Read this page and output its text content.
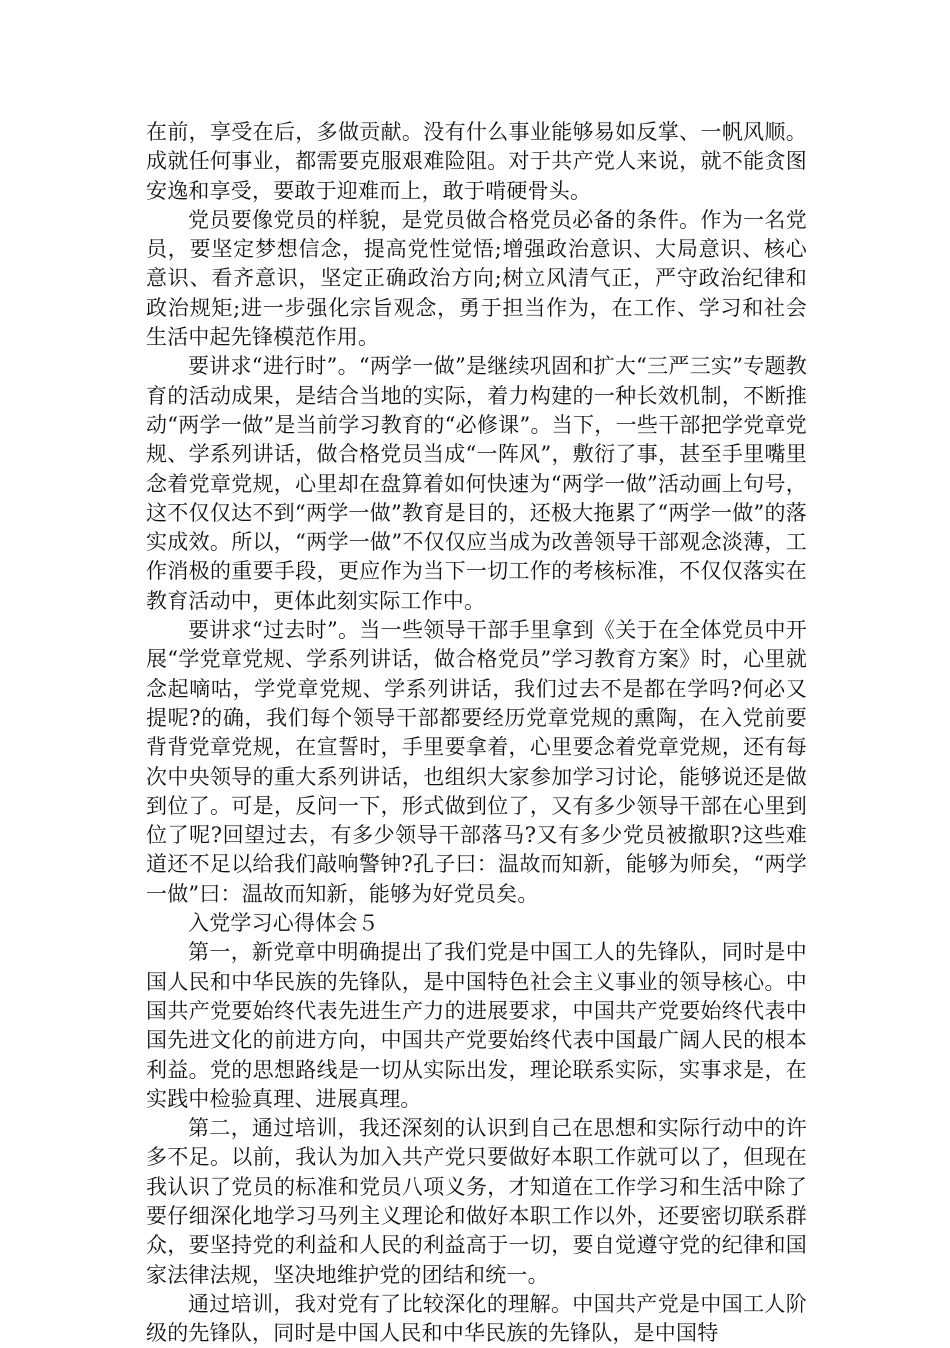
在前，享受在后，多做贡献。没有什么事业能够易如反掌、一帆风顺。成就任何事业，都需要克服艰难险阻。对于共产党人来说，就不能贪图安逸和享受，要敢于迎难而上，敢于啃硬骨头。

党员要像党员的样貌，是党员做合格党员必备的条件。作为一名党员，要坚定梦想信念，提高党性觉悟;增强政治意识、大局意识、核心意识、看齐意识，坚定正确政治方向;树立风清气正，严守政治纪律和政治规矩;进一步强化宗旨观念，勇于担当作为，在工作、学习和社会生活中起先锋模范作用。

要讲求“进行时”。“两学一做”是继续巩固和扩大“三严三实”专题教育的活动成果，是结合当地的实际，着力构建的一种长效机制，不断推动“两学一做”是当前学习教育的“必修课”。当下，一些干部把学党章党规、学系列讲话，做合格党员当成“一阵风”，敷衍了事，甚至手里嘴里念着党章党规，心里却在盘算着如何快速为“两学一做”活动画上句号，这不仅仅达不到“两学一做”教育是目的，还极大拖累了“两学一做”的落实成效。所以，“两学一做”不仅仅应当成为改善领导干部观念淡薄，工作消极的重要手段，更应作为当下一切工作的考核标准，不仅仅落实在教育活动中，更体此刻实际工作中。

要讲求“过去时”。当一些领导干部手里拿到《关于在全体党员中开展“学党章党规、学系列讲话，做合格党员”学习教育方案》时，心里就念起嘀咕，学党章党规、学系列讲话，我们过去不是都在学吗?何必又提呢?的确，我们每个领导干部都要经历党章党规的熏陶，在入党前要背背党章党规，在宣誓时，手里要拿着，心里要念着党章党规，还有每次中央领导的重大系列讲话，也组织大家参加学习讨论，能够说还是做到位了。可是，反问一下，形式做到位了，又有多少领导干部在心里到位了呢?回望过去，有多少领导干部落马?又有多少党员被撤职?这些难道还不足以给我们敲响警钟?孔子曰：温故而知新，能够为师矣，“两学一做”曰：温故而知新，能够为好党员矣。

入党学习心得体会５

第一，新党章中明确提出了我们党是中国工人的先锋队，同时是中国人民和中华民族的先锋队，是中国特色社会主义事业的领导核心。中国共产党要始终代表先进生产力的进展要求，中国共产党要始终代表中国先进文化的前进方向，中国共产党要始终代表中国最广阔人民的根本利益。党的思想路线是一切从实际出发，理论联系实际，实事求是，在实践中检验真理、进展真理。

第二，通过培训，我还深刻的认识到自己在思想和实际行动中的许多不足。以前，我认为加入共产党只要做好本职工作就可以了，但现在我认识了党员的标准和党员八项义务，才知道在工作学习和生活中除了要仔细深化地学习马列主义理论和做好本职工作以外，还要密切联系群众，要坚持党的利益和人民的利益高于一切，要自觉遵守党的纪律和国家法律法规，坚决地维护党的团结和统一。

通过培训，我对党有了比较深化的理解。中国共产党是中国工人阶级的先锋队，同时是中国人民和中华民族的先锋队，是中国特
